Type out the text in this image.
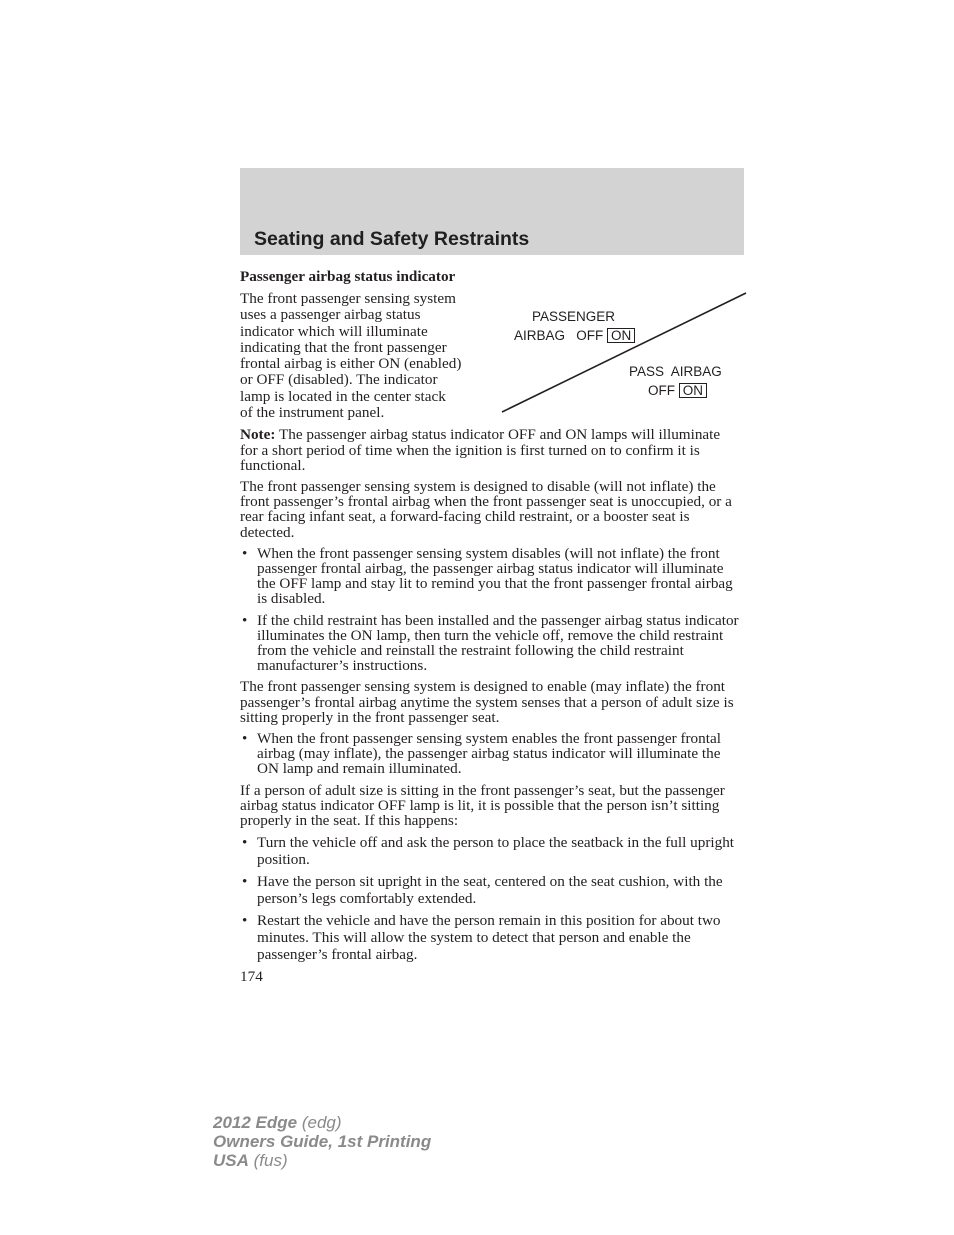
Seating and Safety Restraints
PASSENGER
AIRBAG OFF ON
PASS  AIRBAG
OFF ON
Passenger airbag status indicator
The front passenger sensing system
uses a passenger airbag status
indicator which will illuminate
indicating that the front passenger
frontal airbag is either ON (enabled)
or OFF (disabled). The indicator
lamp is located in the center stack
of the instrument panel.

Note: The passenger airbag status indicator OFF and ON lamps will illuminate for a short period of time when the ignition is first turned on to confirm it is functional.

The front passenger sensing system is designed to disable (will not inflate) the front passenger’s frontal airbag when the front passenger seat is unoccupied, or a rear facing infant seat, a forward-facing child restraint, or a booster seat is detected.

• When the front passenger sensing system disables (will not inflate) the front passenger frontal airbag, the passenger airbag status indicator will illuminate the OFF lamp and stay lit to remind you that the front passenger frontal airbag is disabled.
• If the child restraint has been installed and the passenger airbag status indicator illuminates the ON lamp, then turn the vehicle off, remove the child restraint from the vehicle and reinstall the restraint following the child restraint manufacturer’s instructions.

The front passenger sensing system is designed to enable (may inflate) the front passenger’s frontal airbag anytime the system senses that a person of adult size is sitting properly in the front passenger seat.

• When the front passenger sensing system enables the front passenger frontal airbag (may inflate), the passenger airbag status indicator will illuminate the ON lamp and remain illuminated.

If a person of adult size is sitting in the front passenger’s seat, but the passenger airbag status indicator OFF lamp is lit, it is possible that the person isn’t sitting properly in the seat. If this happens:

• Turn the vehicle off and ask the person to place the seatback in the full upright position.
• Have the person sit upright in the seat, centered on the seat cushion, with the person’s legs comfortably extended.
• Restart the vehicle and have the person remain in this position for about two minutes. This will allow the system to detect that person and enable the passenger’s frontal airbag.
174
2012 Edge (edg)
Owners Guide, 1st Printing
USA (fus)
